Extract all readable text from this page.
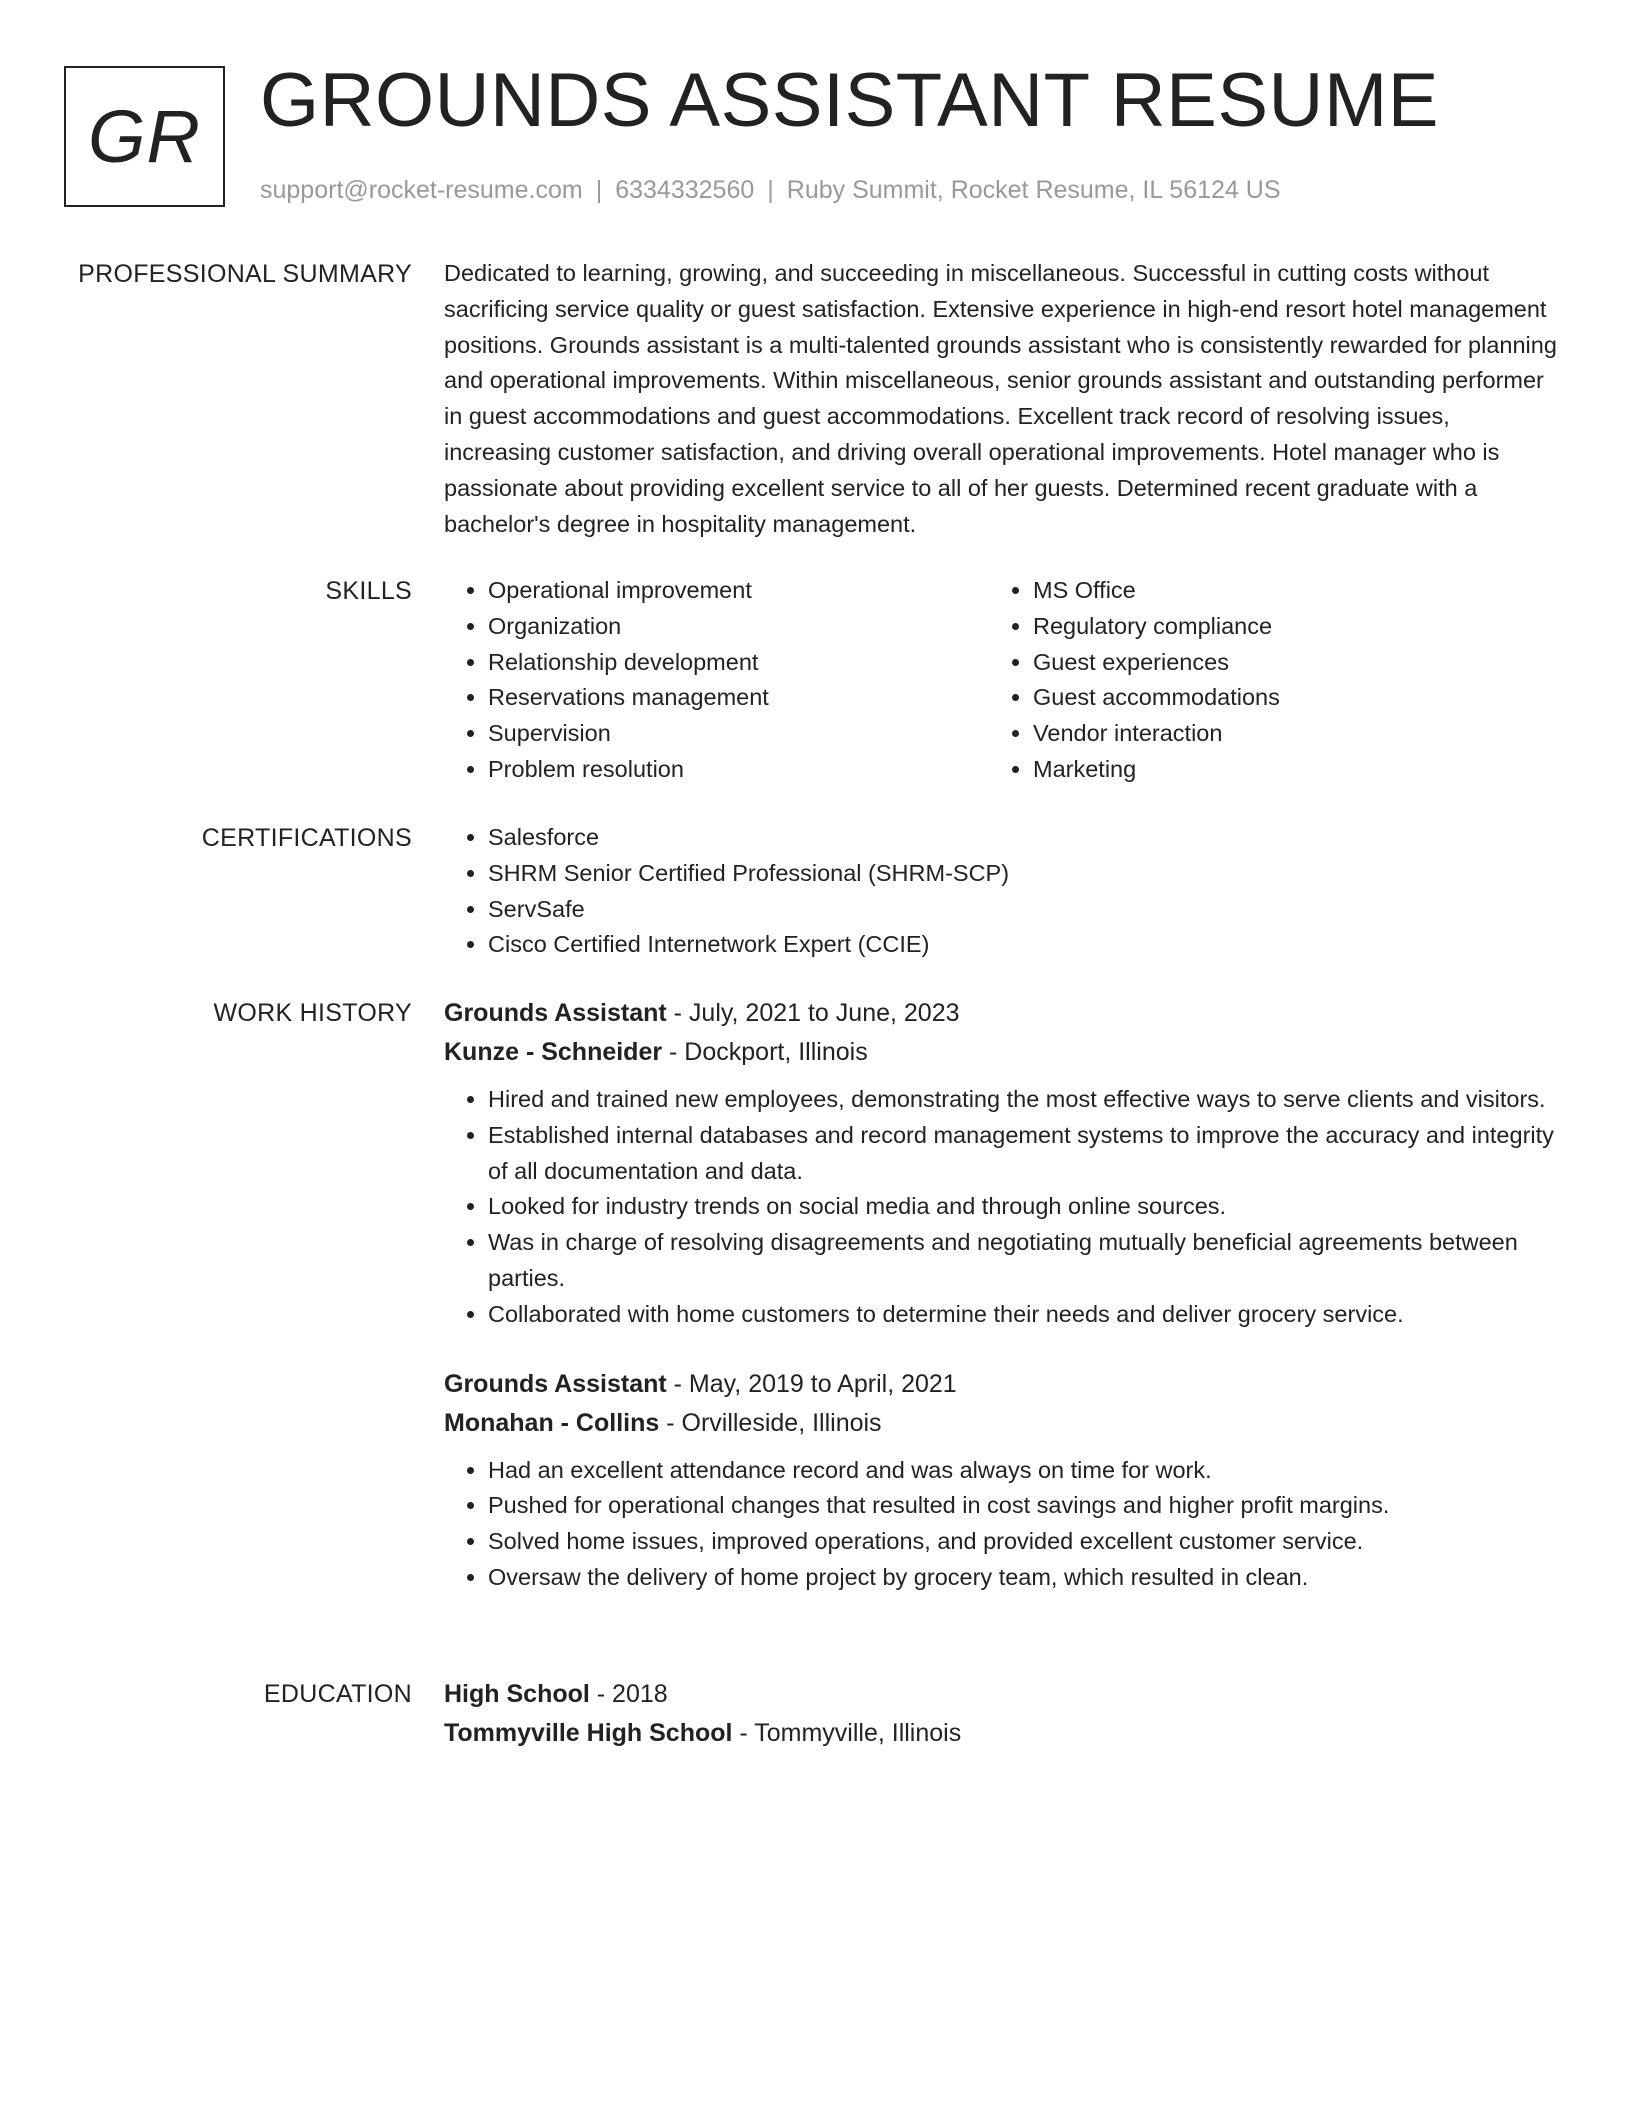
GR GROUNDS ASSISTANT RESUME
support@rocket-resume.com | 6334332560 | Ruby Summit, Rocket Resume, IL 56124 US
PROFESSIONAL SUMMARY Dedicated to learning, growing, and succeeding in miscellaneous. Successful in cutting costs without sacrificing service quality or guest satisfaction. Extensive experience in high-end resort hotel management positions. Grounds assistant is a multi-talented grounds assistant who is consistently rewarded for planning and operational improvements. Within miscellaneous, senior grounds assistant and outstanding performer in guest accommodations and guest accommodations. Excellent track record of resolving issues, increasing customer satisfaction, and driving overall operational improvements. Hotel manager who is passionate about providing excellent service to all of her guests. Determined recent graduate with a bachelor's degree in hospitality management.

SKILLS	• Operational improvement
• Organization
• Relationship development
• Reservations management
• Supervision
• Problem resolution
• MS Office
• Regulatory compliance
• Guest experiences
• Guest accommodations
• Vendor interaction
• Marketing
CERTIFICATIONS	• Salesforce
• SHRM Senior Certified Professional (SHRM-SCP)
• ServSafe
• Cisco Certified Internetwork Expert (CCIE)
WORK HISTORY Grounds Assistant - July, 2021 to June, 2023
Kunze - Schneider - Dockport, Illinois
• Hired and trained new employees, demonstrating the most effective ways to serve clients and visitors.
• Established internal databases and record management systems to improve the accuracy and integrity of all documentation and data.
• Looked for industry trends on social media and through online sources.
• Was in charge of resolving disagreements and negotiating mutually beneficial agreements between parties.
• Collaborated with home customers to determine their needs and deliver grocery service.
Grounds Assistant - May, 2019 to April, 2021
Monahan - Collins - Orvilleside, Illinois
• Had an excellent attendance record and was always on time for work.
• Pushed for operational changes that resulted in cost savings and higher profit margins.
• Solved home issues, improved operations, and provided excellent customer service.
• Oversaw the delivery of home project by grocery team, which resulted in clean.
EDUCATION High School - 2018
Tommyville High School - Tommyville, Illinois
